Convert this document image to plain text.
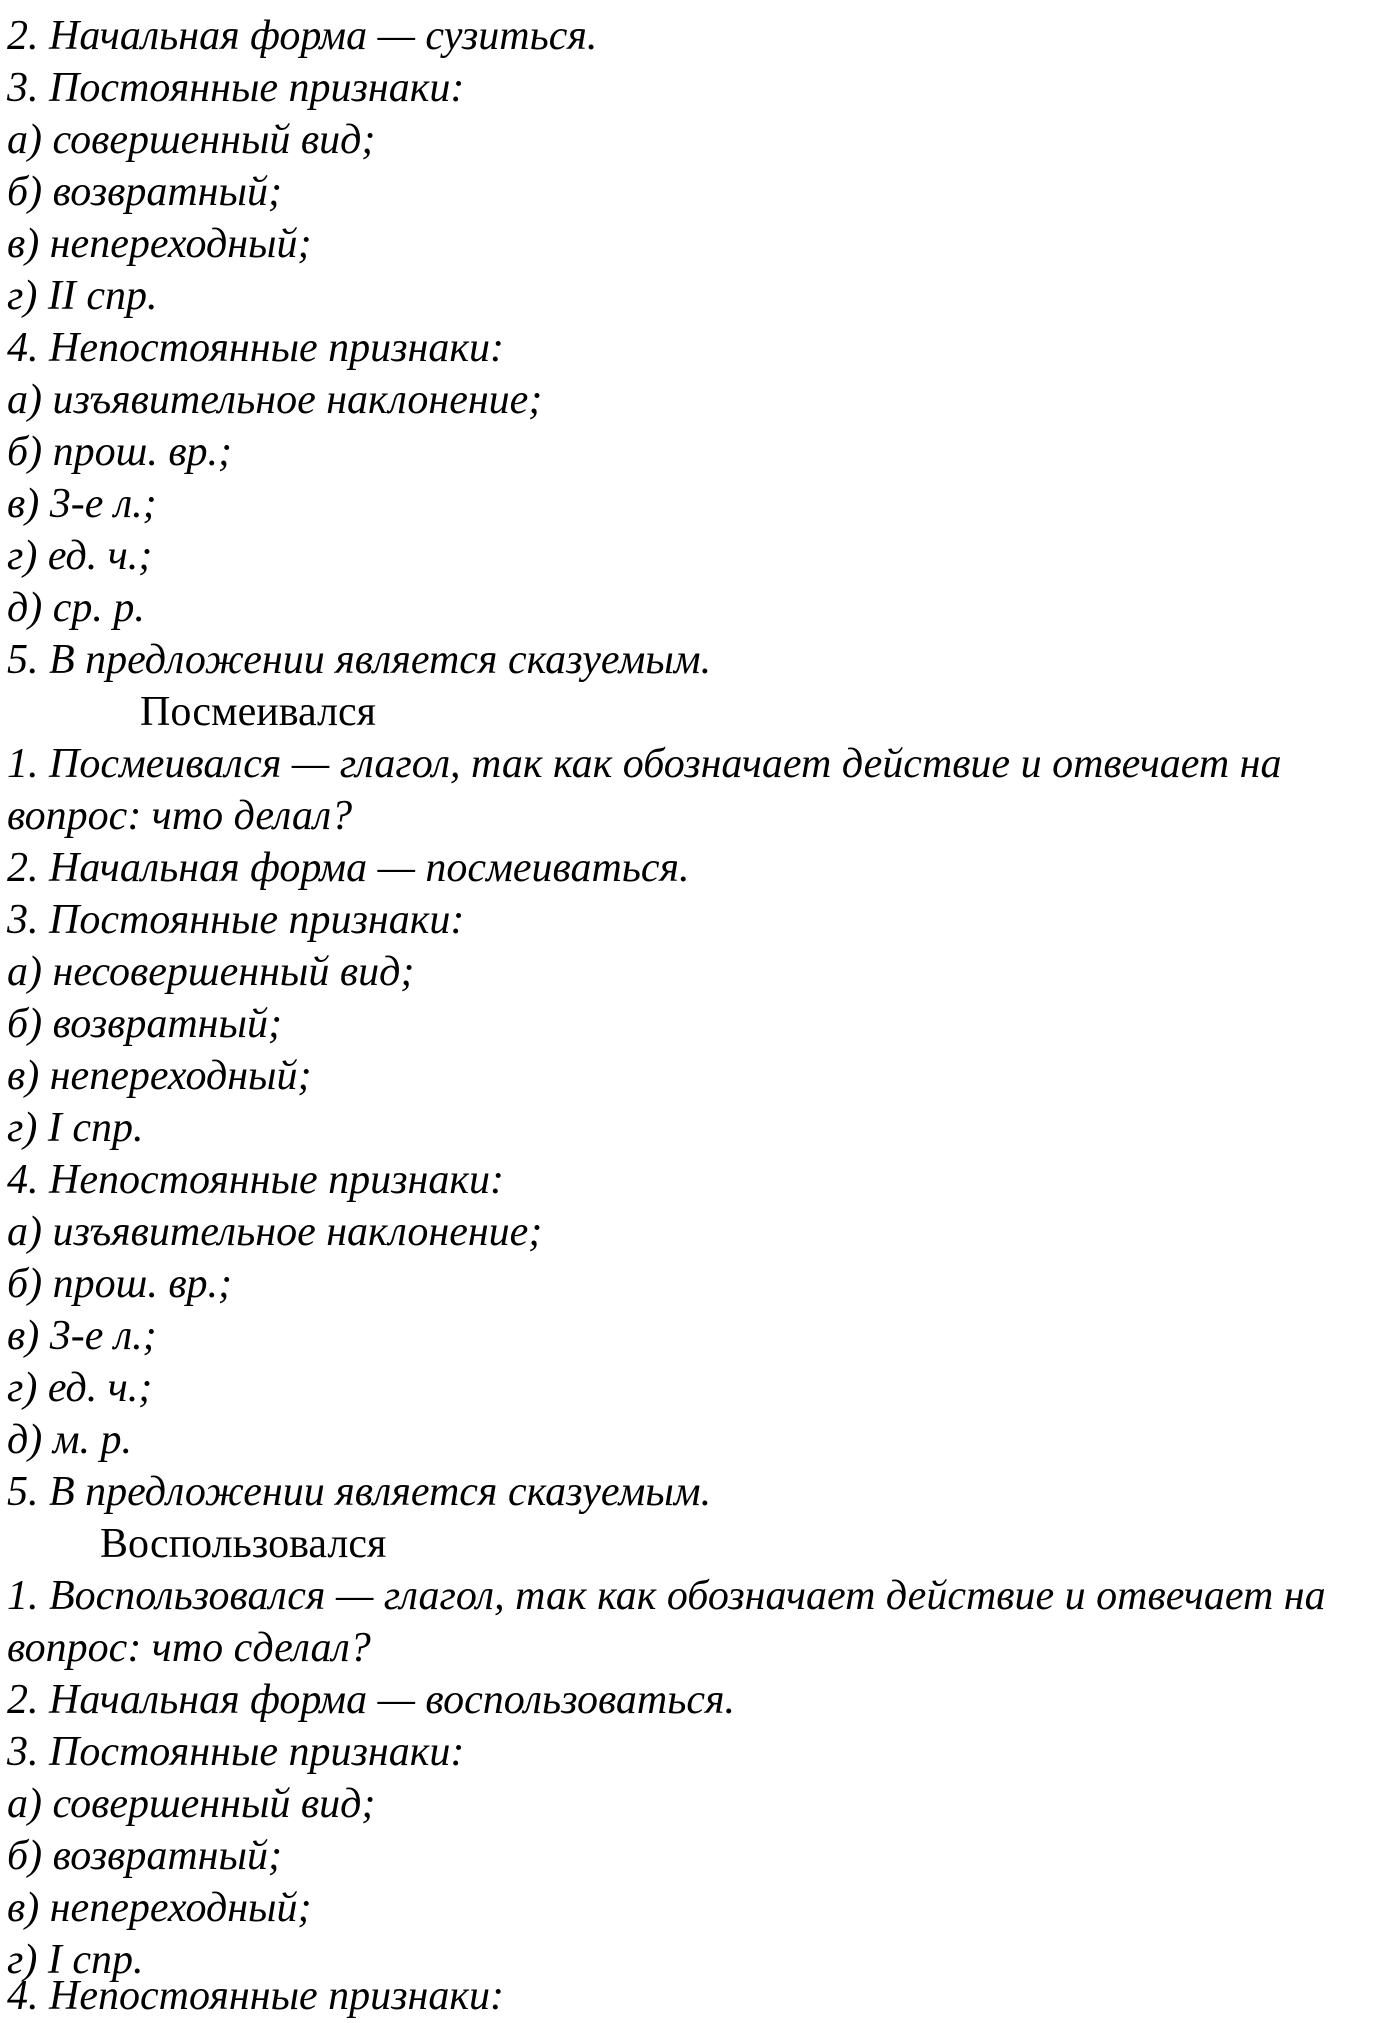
2. Начальная форма — сузиться.
3. Постоянные признаки:
а) совершенный вид;
б) возвратный;
в) непереходный;
г) II спр.
4. Непостоянные признаки:
а) изъявительное наклонение;
б) прош. вр.;
в) 3-е л.;
г) ед. ч.;
д) ср. р.
5. В предложении является сказуемым.
Посмеивался
1. Посмеивался — глагол, так как обозначает действие и отвечает на
вопрос: что делал?
2. Начальная форма — посмеиваться.
3. Постоянные признаки:
а) несовершенный вид;
б) возвратный;
в) непереходный;
г) I спр.
4. Непостоянные признаки:
а) изъявительное наклонение;
б) прош. вр.;
в) 3-е л.;
г) ед. ч.;
д) м. р.
5. В предложении является сказуемым.
Воспользовался
1. Воспользовался — глагол, так как обозначает действие и отвечает на
вопрос: что сделал?
2. Начальная форма — воспользоваться.
3. Постоянные признаки:
а) совершенный вид;
б) возвратный;
в) непереходный;
г) I спр.
4. Непостоянные признаки:
